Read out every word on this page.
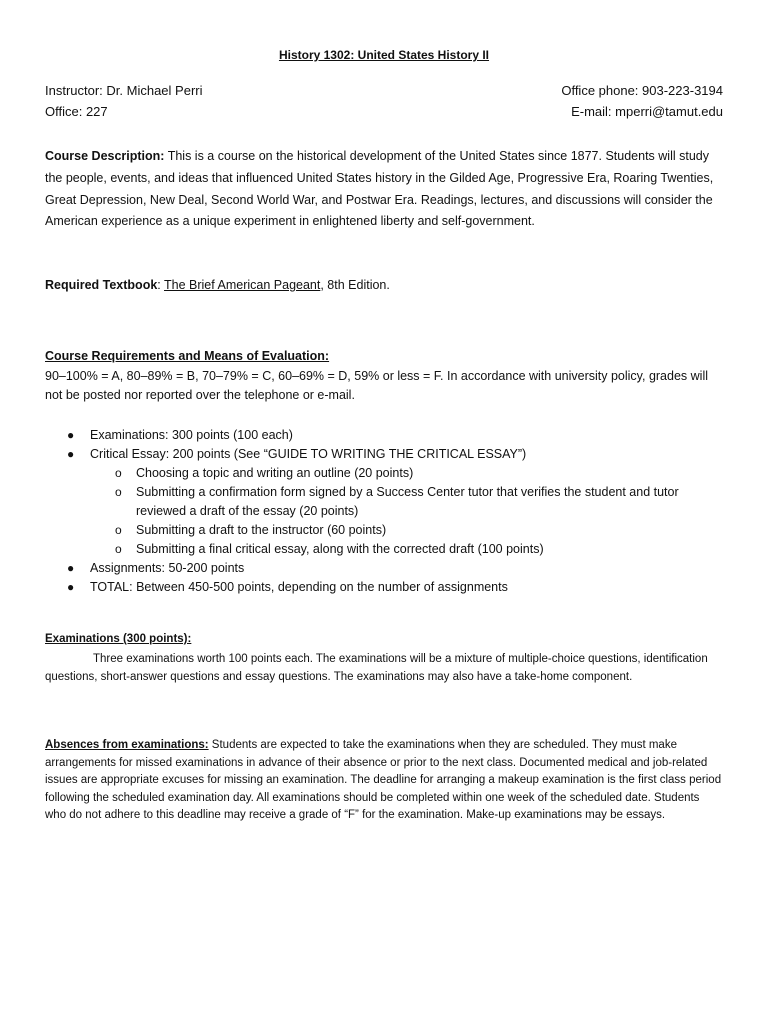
History 1302: United States History II
Instructor: Dr. Michael Perri	Office phone: 903-223-3194
Office: 227	E-mail: mperri@tamut.edu
Course Description: This is a course on the historical development of the United States since 1877. Students will study the people, events, and ideas that influenced United States history in the Gilded Age, Progressive Era, Roaring Twenties, Great Depression, New Deal, Second World War, and Postwar Era. Readings, lectures, and discussions will consider the American experience as a unique experiment in enlightened liberty and self-government.
Required Textbook: The Brief American Pageant, 8th Edition.
Course Requirements and Means of Evaluation:
90–100% = A, 80–89% = B, 70–79% = C, 60–69% = D, 59% or less = F. In accordance with university policy, grades will not be posted nor reported over the telephone or e-mail.
● Examinations: 300 points (100 each)
● Critical Essay: 200 points (See “GUIDE TO WRITING THE CRITICAL ESSAY”)
o Choosing a topic and writing an outline (20 points)
o Submitting a confirmation form signed by a Success Center tutor that verifies the student and tutor reviewed a draft of the essay (20 points)
o Submitting a draft to the instructor (60 points)
o Submitting a final critical essay, along with the corrected draft (100 points)
● Assignments: 50-200 points
● TOTAL: Between 450-500 points, depending on the number of assignments
Examinations (300 points):
Three examinations worth 100 points each. The examinations will be a mixture of multiple-choice questions, identification questions, short-answer questions and essay questions. The examinations may also have a take-home component.
Absences from examinations: Students are expected to take the examinations when they are scheduled. They must make arrangements for missed examinations in advance of their absence or prior to the next class. Documented medical and job-related issues are appropriate excuses for missing an examination. The deadline for arranging a makeup examination is the first class period following the scheduled examination day. All examinations should be completed within one week of the scheduled date. Students who do not adhere to this deadline may receive a grade of “F” for the examination. Make-up examinations may be essays.
